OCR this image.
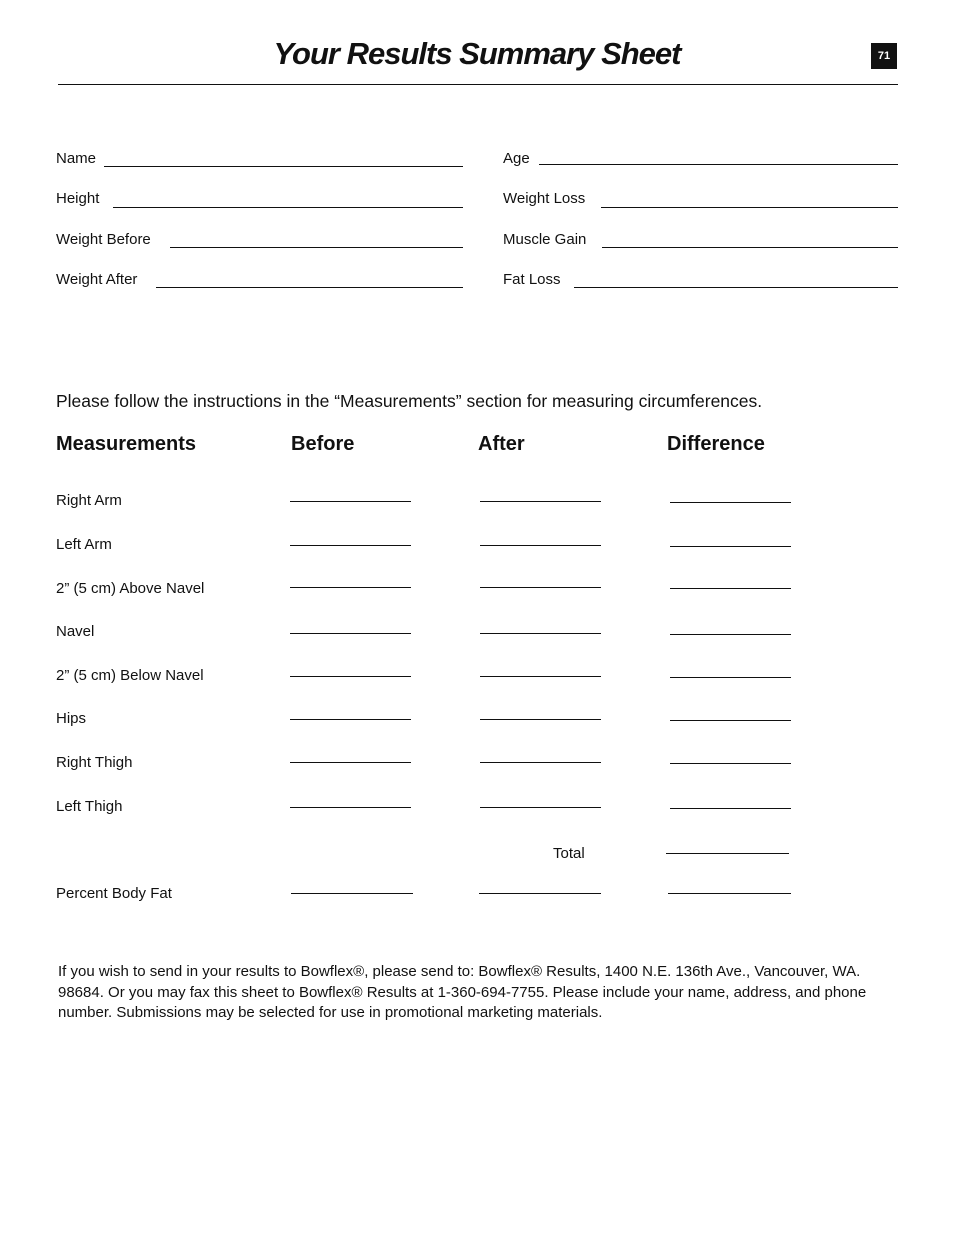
Your Results Summary Sheet	71
Name
Height
Weight Before
Weight After
Age
Weight Loss
Muscle Gain
Fat Loss
Please follow the instructions in the “Measurements” section for measuring circumferences.
Measurements	Before	After	Difference
Right Arm
Left Arm
2” (5 cm) Above Navel
Navel
2” (5 cm) Below Navel
Hips
Right Thigh
Left Thigh
Total
Percent Body Fat
If you wish to send in your results to Bowflex®, please send to: Bowflex® Results, 1400 N.E. 136th Ave., Vancouver, WA. 98684. Or you may fax this sheet to Bowflex® Results at 1-360-694-7755. Please include your name, address, and phone number. Submissions may be selected for use in promotional marketing materials.
